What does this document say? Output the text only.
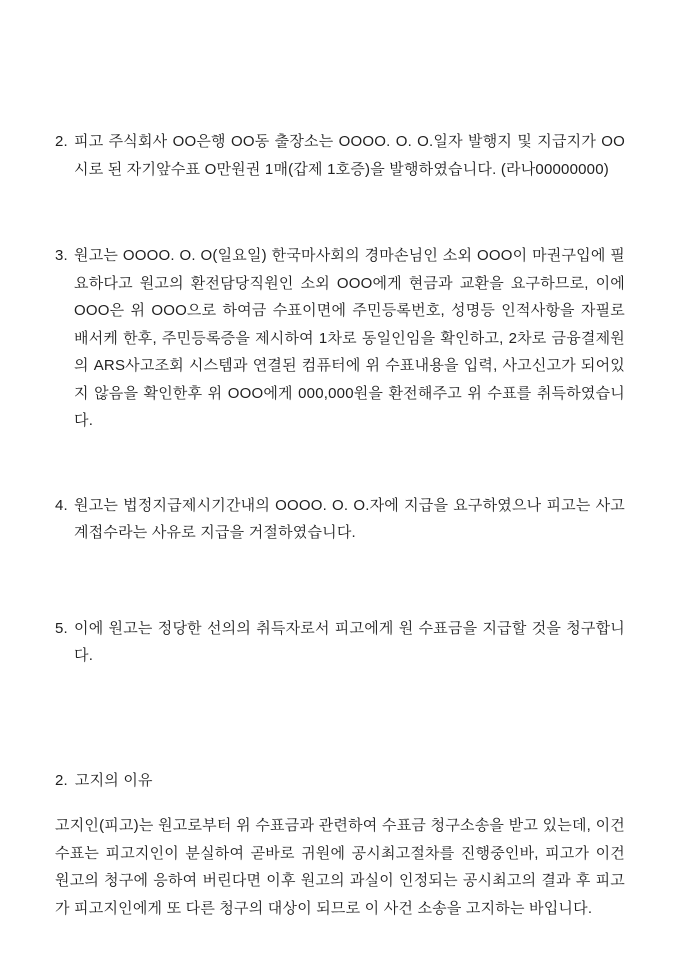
2. 피고 주식회사 OO은행 OO동 출장소는 OOOO. O. O.일자 발행지 및 지급지가 OO시로 된 자기앞수표 O만원권 1매(갑제 1호증)을 발행하였습니다. (라나00000000)
3. 원고는 OOOO. O. O(일요일) 한국마사회의 경마손님인 소외 OOO이 마권구입에 필요하다고 원고의 환전담당직원인 소외 OOO에게 현금과 교환을 요구하므로, 이에 OOO은 위 OOO으로 하여금 수표이면에 주민등록번호, 성명등 인적사항을 자필로 배서케 한후, 주민등록증을 제시하여 1차로 동일인임을 확인하고, 2차로 금융결제원의 ARS사고조회 시스템과 연결된 컴퓨터에 위 수표내용을 입력, 사고신고가 되어있지 않음을 확인한후 위 OOO에게 000,000원을 환전해주고 위 수표를 취득하였습니다.
4. 원고는 법정지급제시기간내의 OOOO. O. O.자에 지급을 요구하였으나 피고는 사고계접수라는 사유로 지급을 거절하였습니다.
5. 이에 원고는 정당한 선의의 취득자로서 피고에게 원 수표금을 지급할 것을 청구합니다.
2. 고지의 이유
고지인(피고)는 원고로부터 위 수표금과 관련하여 수표금 청구소송을 받고 있는데, 이건 수표는 피고지인이 분실하여 곧바로 귀원에 공시최고절차를 진행중인바, 피고가 이건 원고의 청구에 응하여 버린다면 이후 원고의 과실이 인정되는 공시최고의 결과 후 피고가 피고지인에게 또 다른 청구의 대상이 되므로 이 사건 소송을 고지하는 바입니다.
